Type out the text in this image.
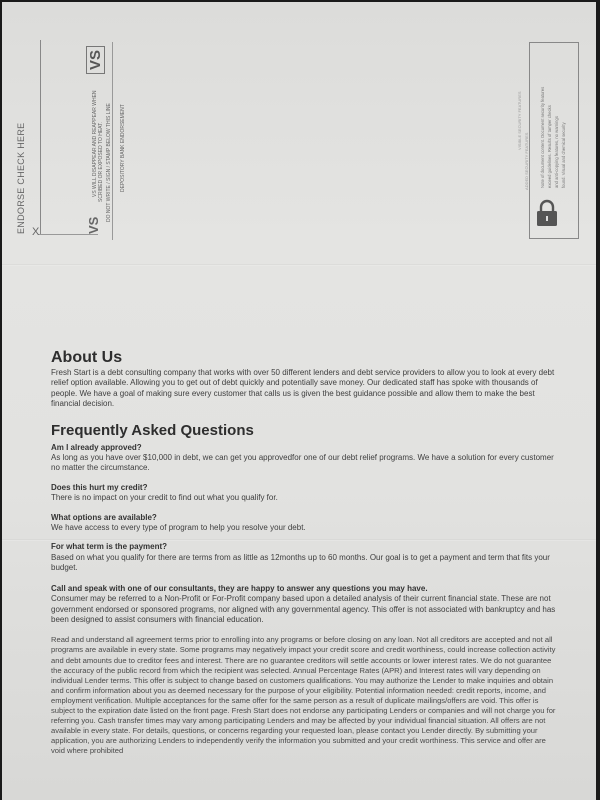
ENDORSE CHECK HERE X
VS
VS
VS WILL DISAPPEAR AND REAPPEAR WHEN SCRIBED OR EXPOSED TO HEAT. DO NOT WRITE / SIGN / STAMP BELOW THIS LINE DEPOSITORY BANK ENDORSEMENT	VISIBLE SECURITY FEATURES
ADDED SECURITY FEATURES	Note of document content. Document security features exceed guidelines. Results of tamper checks and anti-copying features, no warnings found. Visual and chemical security
About Us

Fresh Start is a debt consulting company that works with over 50 different lenders and debt service providers to allow you to look at every debt relief option available. Allowing you to get out of debt quickly and potentially save money. Our dedicated staff has spoke with thousands of people. We have a goal of making sure every customer that calls us is given the best guidance possible and allow them to make the best financial decision.

Frequently Asked Questions
Am I already approved?

As long as you have over $10,000 in debt, we can get you approvedfor one of our debt relief programs. We have a solution for every customer no matter the circumstance.

Does this hurt my credit?

There is no impact on your credit to find out what you qualify for.

What options are available?

We have access to every type of program to help you resolve your debt.

For what term is the payment?

Based on what you qualify for there are terms from as little as 12months up to 60 months. Our goal is to get a payment and term that fits your budget.

Call and speak with one of our consultants, they are happy to answer any questions you may have.

Consumer may be referred to a Non-Profit or For-Profit company based upon a detailed analysis of their current financial state. These are not government endorsed or sponsored programs, nor aligned with any governmental agency. This offer is not associated with bankruptcy and has been designed to assist consumers with financial education.

Read and understand all agreement terms prior to enrolling into any programs or before closing on any loan. Not all creditors are accepted and not all programs are available in every state. Some programs may negatively impact your credit score and credit worthiness, could increase collection activity and debt amounts due to creditor fees and interest. There are no guarantee creditors will settle accounts or lower interest rates. We do not guarantee the accuracy of the public record from which the recipient was selected. Annual Percentage Rates (APR) and Interest rates will vary depending on individual Lender terms. This offer is subject to change based on customers qualifications. You may authorize the Lender to make inquiries and obtain and confirm information about you as deemed necessary for the purpose of your eligibility. Potential information needed: credit reports, income, and employment verification. Multiple acceptances for the same offer for the same person as a result of duplicate mailings/offers are void. This offer is subject to the expiration date listed on the front page. Fresh Start does not endorse any participating Lenders or companies and will not charge you for referring you. Cash transfer times may vary among participating Lenders and may be affected by your individual financial situation. All offers are not available in every state. For details, questions, or concerns regarding your requested loan, please contact you Lender directly. By submitting your application, you are authorizing Lenders to independently verify the information you submitted and your credit worthiness. This service and offer are void where prohibited
